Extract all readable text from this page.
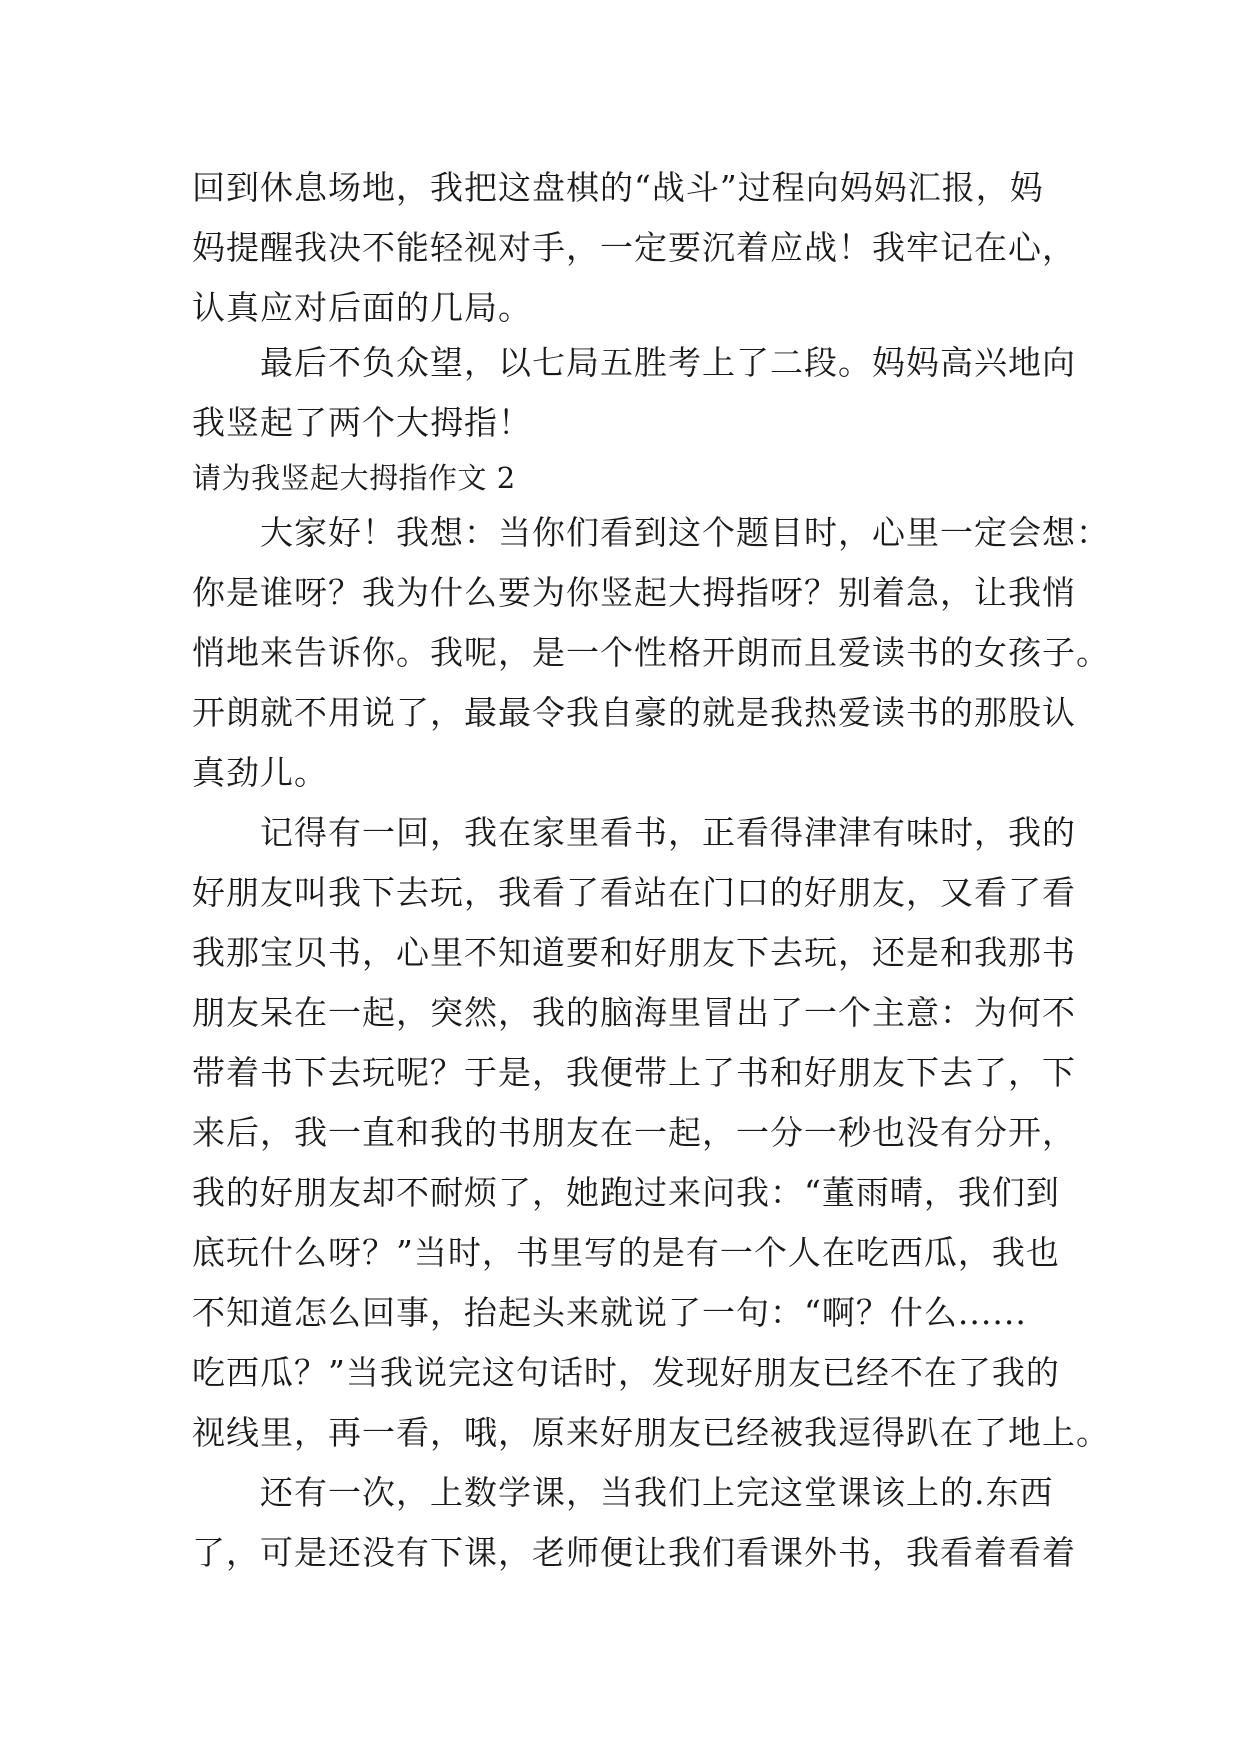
回到休息场地，我把这盘棋的“战斗”过程向妈妈汇报，妈
妈提醒我决不能轻视对手，一定要沉着应战！我牢记在心，
认真应对后面的几局。
　　最后不负众望，以七局五胜考上了二段。妈妈高兴地向
我竖起了两个大拇指！
请为我竖起大拇指作文 2
　　大家好！我想：当你们看到这个题目时，心里一定会想：
你是谁呀？我为什么要为你竖起大拇指呀？别着急，让我悄
悄地来告诉你。我呢，是一个性格开朗而且爱读书的女孩子。
开朗就不用说了，最最令我自豪的就是我热爱读书的那股认
真劲儿。
　　记得有一回，我在家里看书，正看得津津有味时，我的
好朋友叫我下去玩，我看了看站在门口的好朋友，又看了看
我那宝贝书，心里不知道要和好朋友下去玩，还是和我那书
朋友呆在一起，突然，我的脑海里冒出了一个主意：为何不
带着书下去玩呢？于是，我便带上了书和好朋友下去了，下
来后，我一直和我的书朋友在一起，一分一秒也没有分开，
我的好朋友却不耐烦了，她跑过来问我：“董雨晴，我们到
底玩什么呀？”当时，书里写的是有一个人在吃西瓜，我也
不知道怎么回事，抬起头来就说了一句：“啊？什么......
吃西瓜？”当我说完这句话时，发现好朋友已经不在了我的
视线里，再一看，哦，原来好朋友已经被我逗得趴在了地上。
　　还有一次，上数学课，当我们上完这堂课该上的.东西
了，可是还没有下课，老师便让我们看课外书，我看着看着
